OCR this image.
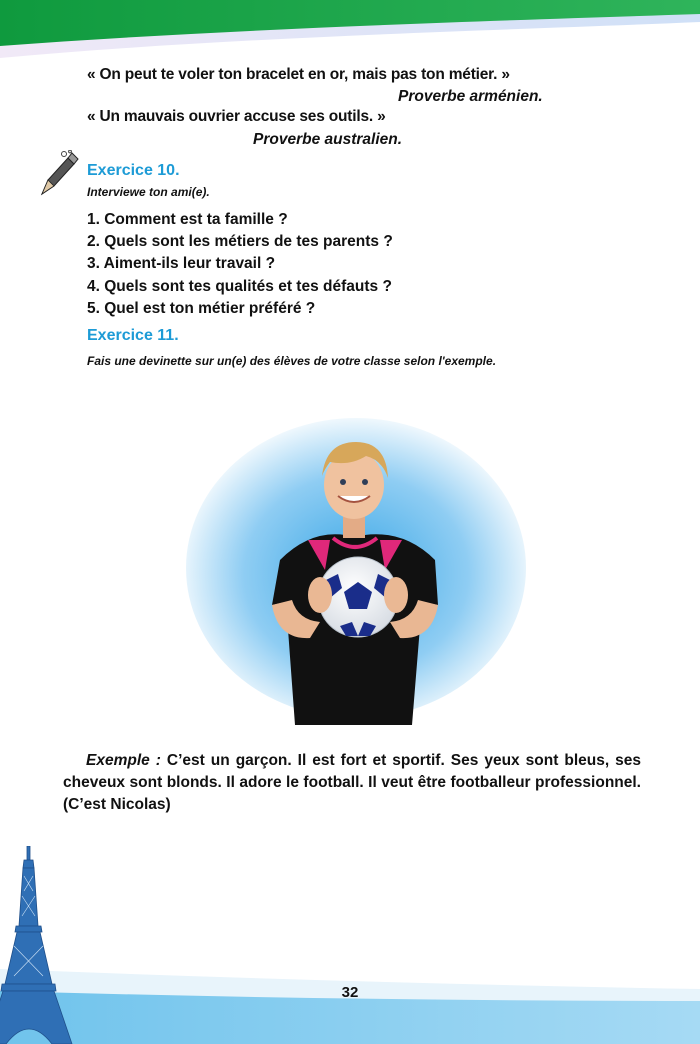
« On peut te voler ton bracelet en or, mais pas ton métier. »
Proverbe arménien.
« Un mauvais ouvrier accuse ses outils. »
Proverbe australien.
Exercice 10.
Interviewe ton ami(e).
1. Comment est ta famille ?
2. Quels sont les métiers de tes parents ?
3. Aiment-ils leur travail ?
4. Quels sont tes qualités et tes défauts ?
5. Quel est ton métier préféré ?
Exercice 11.
Fais une devinette sur un(e) des élèves de votre classe selon l'exemple.
Exemple : C’est un garçon. Il est fort et sportif. Ses yeux sont bleus, ses cheveux sont blonds. Il adore le football. Il veut être footballeur professionnel. (C’est Nicolas)
32
